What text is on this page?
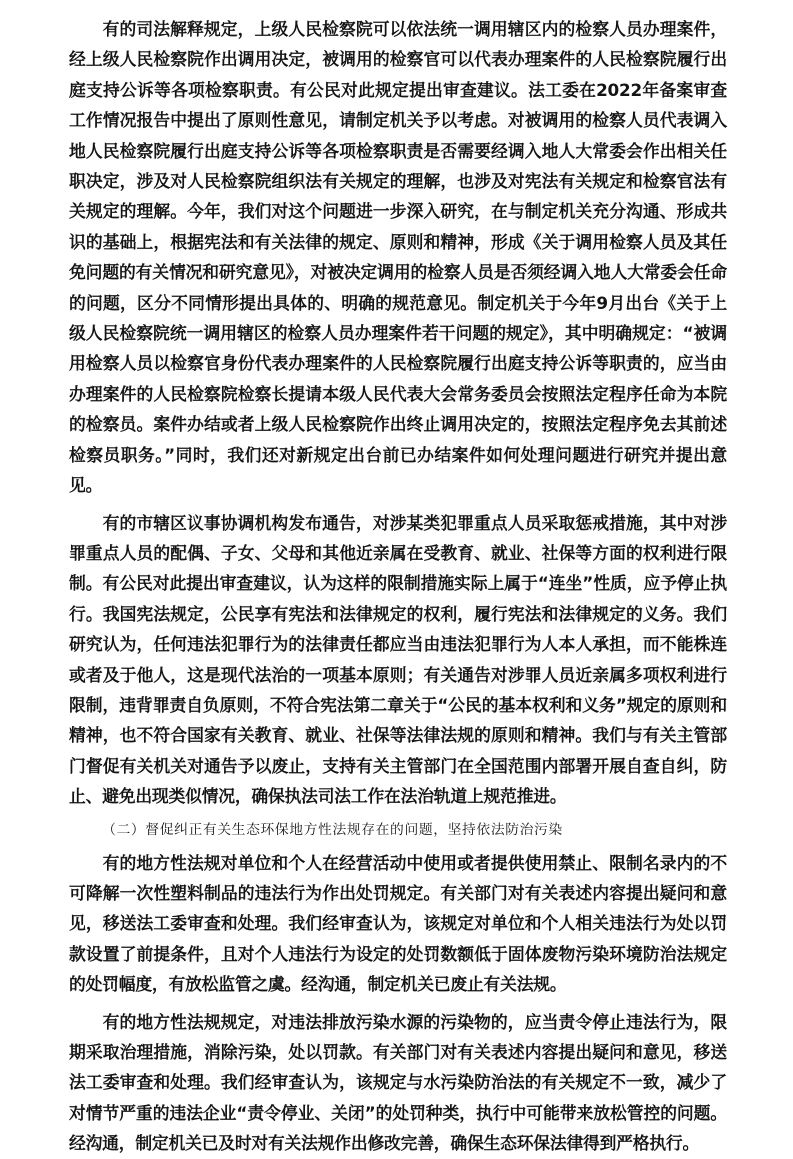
有的司法解释规定，上级人民检察院可以依法统一调用辖区内的检察人员办理案件，经上级人民检察院作出调用决定，被调用的检察官可以代表办理案件的人民检察院履行出庭支持公诉等各项检察职责。有公民对此规定提出审查建议。法工委在2022年备案审查工作情况报告中提出了原则性意见，请制定机关予以考虑。对被调用的检察人员代表调入地人民检察院履行出庭支持公诉等各项检察职责是否需要经调入地人大常委会作出相关任职决定，涉及对人民检察院组织法有关规定的理解，也涉及对宪法有关规定和检察官法有关规定的理解。今年，我们对这个问题进一步深入研究，在与制定机关充分沟通、形成共识的基础上，根据宪法和有关法律的规定、原则和精神，形成《关于调用检察人员及其任免问题的有关情况和研究意见》，对被决定调用的检察人员是否须经调入地人大常委会任命的问题，区分不同情形提出具体的、明确的规范意见。制定机关于今年9月出台《关于上级人民检察院统一调用辖区的检察人员办理案件若干问题的规定》，其中明确规定：“被调用检察人员以检察官身份代表办理案件的人民检察院履行出庭支持公诉等职责的，应当由办理案件的人民检察院检察长提请本级人民代表大会常务委员会按照法定程序任命为本院的检察员。案件办结或者上级人民检察院作出终止调用决定的，按照法定程序免去其前述检察员职务。”同时，我们还对新规定出台前已办结案件如何处理问题进行研究并提出意见。

有的市辖区议事协调机构发布通告，对涉某类犯罪重点人员采取惩戒措施，其中对涉罪重点人员的配偶、子女、父母和其他近亲属在受教育、就业、社保等方面的权利进行限制。有公民对此提出审查建议，认为这样的限制措施实际上属于“连坐”性质，应予停止执行。我国宪法规定，公民享有宪法和法律规定的权利，履行宪法和法律规定的义务。我们研究认为，任何违法犯罪行为的法律责任都应当由违法犯罪行为人本人承担，而不能株连或者及于他人，这是现代法治的一项基本原则；有关通告对涉罪人员近亲属多项权利进行限制，违背罪责自负原则，不符合宪法第二章关于“公民的基本权利和义务”规定的原则和精神，也不符合国家有关教育、就业、社保等法律法规的原则和精神。我们与有关主管部门督促有关机关对通告予以废止，支持有关主管部门在全国范围内部署开展自查自纠，防止、避免出现类似情况，确保执法司法工作在法治轨道上规范推进。

（二）督促纠正有关生态环保地方性法规存在的问题，坚持依法防治污染

有的地方性法规对单位和个人在经营活动中使用或者提供使用禁止、限制名录内的不可降解一次性塑料制品的违法行为作出处罚规定。有关部门对有关表述内容提出疑问和意见，移送法工委审查和处理。我们经审查认为，该规定对单位和个人相关违法行为处以罚款设置了前提条件，且对个人违法行为设定的处罚数额低于固体废物污染环境防治法规定的处罚幅度，有放松监管之虞。经沟通，制定机关已废止有关法规。

有的地方性法规规定，对违法排放污染水源的污染物的，应当责令停止违法行为，限期采取治理措施，消除污染，处以罚款。有关部门对有关表述内容提出疑问和意见，移送法工委审查和处理。我们经审查认为，该规定与水污染防治法的有关规定不一致，减少了对情节严重的违法企业“责令停业、关闭”的处罚种类，执行中可能带来放松管控的问题。经沟通，制定机关已及时对有关法规作出修改完善，确保生态环保法律得到严格执行。
